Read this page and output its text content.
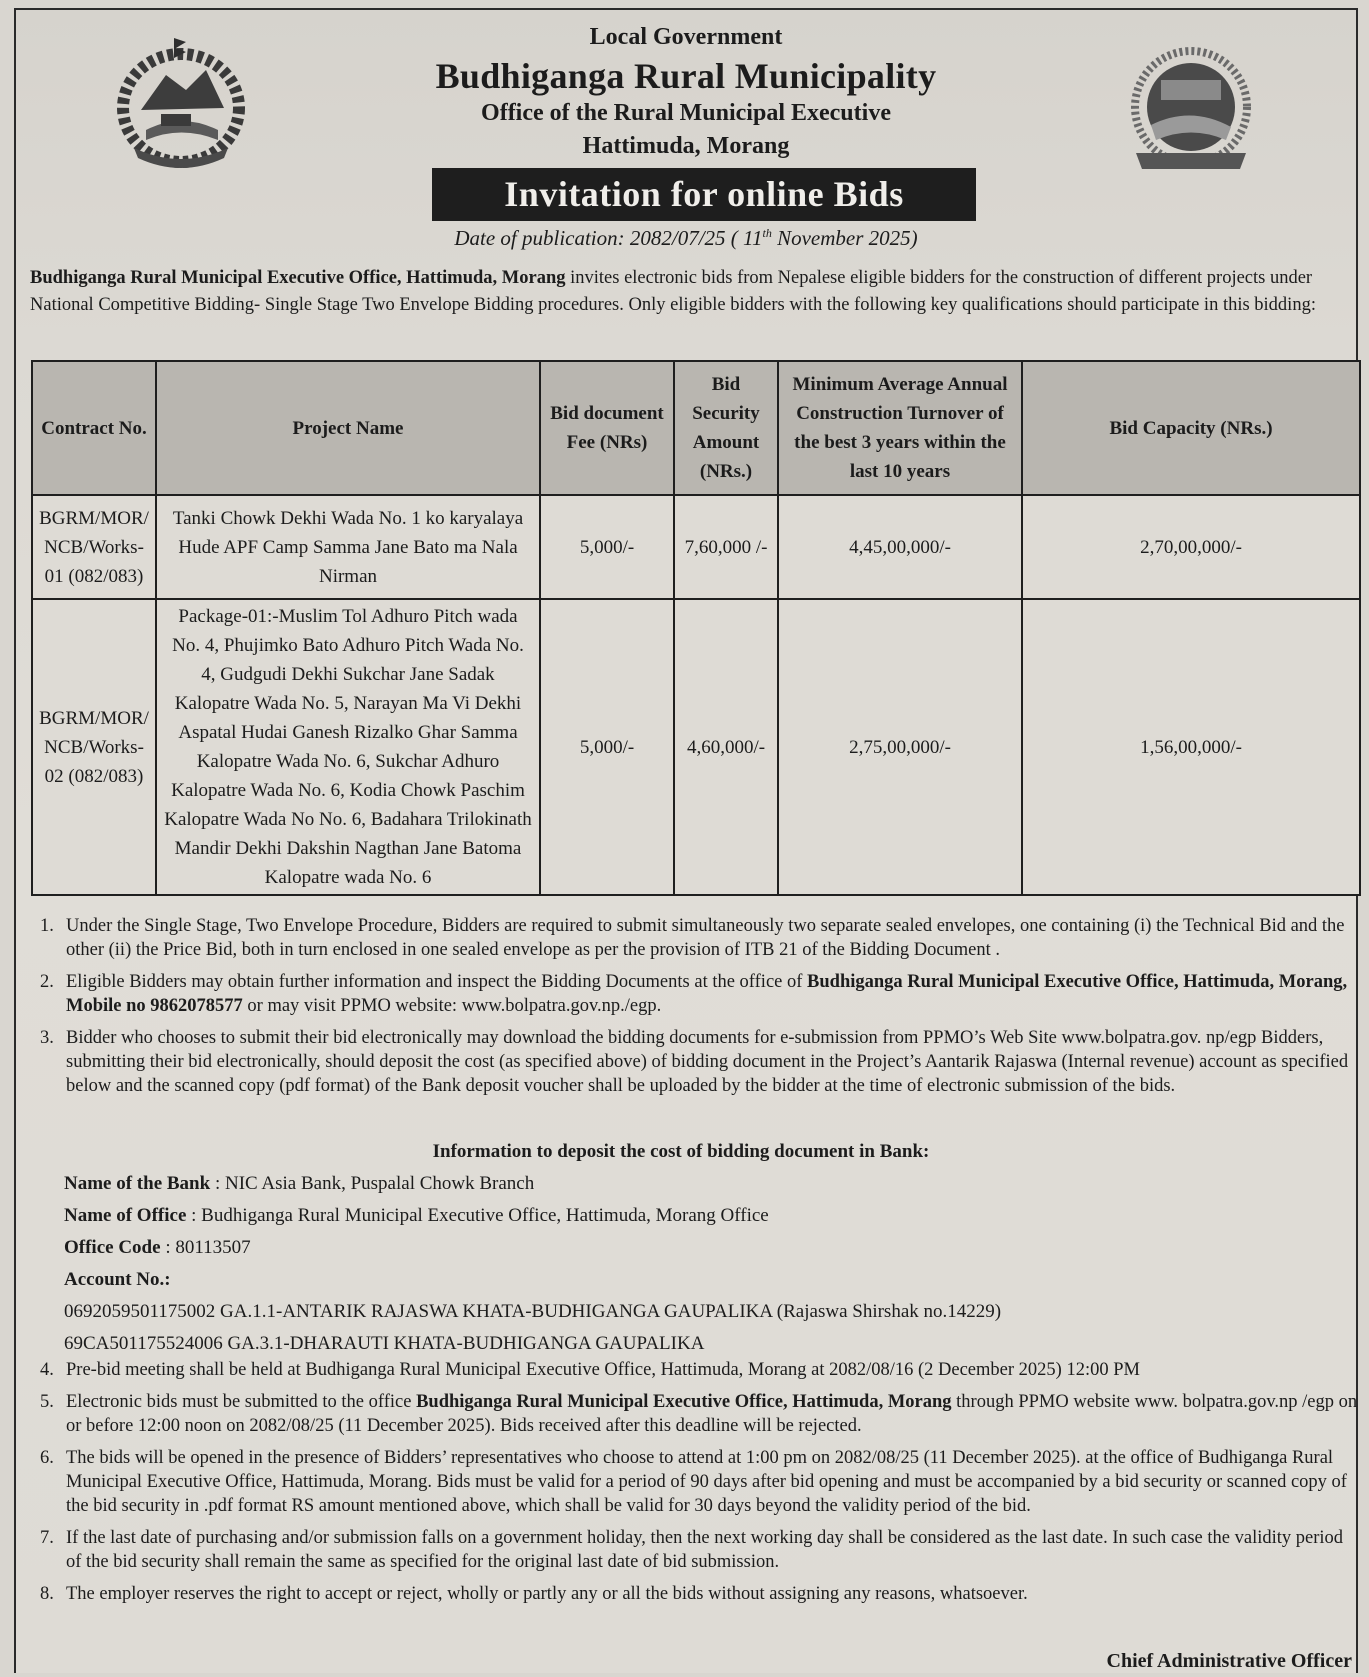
Local Government
Budhiganga Rural Municipality
Office of the Rural Municipal Executive
Hattimuda, Morang
Invitation for online Bids
Date of publication: 2082/07/25 ( 11th November 2025)
Budhiganga Rural Municipal Executive Office, Hattimuda, Morang invites electronic bids from Nepalese eligible bidders for the construction of different projects under National Competitive Bidding- Single Stage Two Envelope Bidding procedures. Only eligible bidders with the following key qualifications should participate in this bidding:
Contract No.	Project Name	Bid document Fee (NRs)	Bid Security Amount (NRs.)	Minimum Average Annual Construction Turnover of the best 3 years within the last 10 years	Bid Capacity (NRs.)
BGRM/MOR/ NCB/Works-01 (082/083)	Tanki Chowk Dekhi Wada No. 1 ko karyalaya Hude APF Camp Samma Jane Bato ma Nala Nirman	5,000/-	7,60,000 /-	4,45,00,000/-	2,70,00,000/-
BGRM/MOR/ NCB/Works-02 (082/083)	Package-01:-Muslim Tol Adhuro Pitch wada No. 4, Phujimko Bato Adhuro Pitch Wada No. 4, Gudgudi Dekhi Sukchar Jane Sadak Kalopatre Wada No. 5, Narayan Ma Vi Dekhi Aspatal Hudai Ganesh Rizalko Ghar Samma Kalopatre Wada No. 6, Sukchar Adhuro Kalopatre Wada No. 6, Kodia Chowk Paschim Kalopatre Wada No No. 6, Badahara Trilokinath Mandir Dekhi Dakshin Nagthan Jane Batoma Kalopatre wada No. 6	5,000/-	4,60,000/-	2,75,00,000/-	1,56,00,000/-
1. Under the Single Stage, Two Envelope Procedure, Bidders are required to submit simultaneously two separate sealed envelopes, one containing (i) the Technical Bid and the other (ii) the Price Bid, both in turn enclosed in one sealed envelope as per the provision of ITB 21 of the Bidding Document .
2. Eligible Bidders may obtain further information and inspect the Bidding Documents at the office of Budhiganga Rural Municipal Executive Office, Hattimuda, Morang, Mobile no 9862078577 or may visit PPMO website: www.bolpatra.gov.np./egp.
3. Bidder who chooses to submit their bid electronically may download the bidding documents for e-submission from PPMO’s Web Site www.bolpatra.gov. np/egp Bidders, submitting their bid electronically, should deposit the cost (as specified above) of bidding document in the Project’s Aantarik Rajaswa (Internal revenue) account as specified below and the scanned copy (pdf format) of the Bank deposit voucher shall be uploaded by the bidder at the time of electronic submission of the bids.
Information to deposit the cost of bidding document in Bank:
Name of the Bank : NIC Asia Bank, Puspalal Chowk Branch
Name of Office : Budhiganga Rural Municipal Executive Office, Hattimuda, Morang Office
Office Code : 80113507
Account No.:
0692059501175002 GA.1.1-ANTARIK RAJASWA KHATA-BUDHIGANGA GAUPALIKA (Rajaswa Shirshak no.14229)
69CA501175524006 GA.3.1-DHARAUTI KHATA-BUDHIGANGA GAUPALIKA
4. Pre-bid meeting shall be held at Budhiganga Rural Municipal Executive Office, Hattimuda, Morang at 2082/08/16 (2 December 2025) 12:00 PM
5. Electronic bids must be submitted to the office Budhiganga Rural Municipal Executive Office, Hattimuda, Morang through PPMO website www. bolpatra.gov.np /egp on or before 12:00 noon on 2082/08/25 (11 December 2025). Bids received after this deadline will be rejected.
6. The bids will be opened in the presence of Bidders’ representatives who choose to attend at 1:00 pm on 2082/08/25 (11 December 2025). at the office of Budhiganga Rural Municipal Executive Office, Hattimuda, Morang. Bids must be valid for a period of 90 days after bid opening and must be accompanied by a bid security or scanned copy of the bid security in .pdf format RS amount mentioned above, which shall be valid for 30 days beyond the validity period of the bid.
7. If the last date of purchasing and/or submission falls on a government holiday, then the next working day shall be considered as the last date. In such case the validity period of the bid security shall remain the same as specified for the original last date of bid submission.
8. The employer reserves the right to accept or reject, wholly or partly any or all the bids without assigning any reasons, whatsoever.
Chief Administrative Officer
